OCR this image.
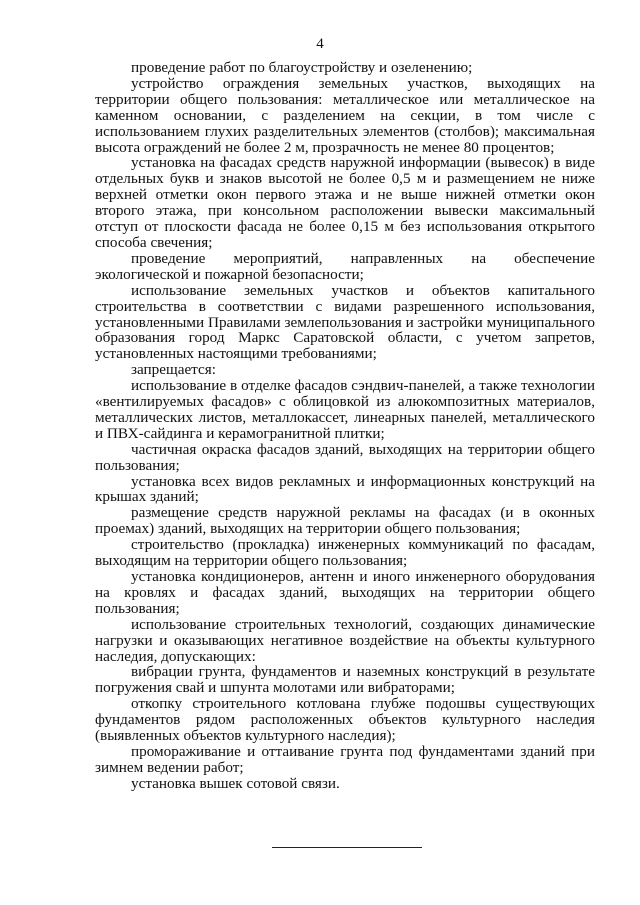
4

проведение работ по благоустройству и озеленению;

устройство ограждения земельных участков, выходящих на территории общего пользования: металлическое или металлическое на каменном основании, с разделением на секции, в том числе с использованием глухих разделительных элементов (столбов); максимальная высота ограждений не более 2 м, прозрачность не менее 80 процентов;

установка на фасадах средств наружной информации (вывесок) в виде отдельных букв и знаков высотой не более 0,5 м и размещением не ниже верхней отметки окон первого этажа и не выше нижней отметки окон второго этажа, при консольном расположении вывески максимальный отступ от плоскости фасада не более 0,15 м без использования открытого способа свечения;

проведение мероприятий, направленных на обеспечение экологической и пожарной безопасности;

использование земельных участков и объектов капитального строительства в соответствии с видами разрешенного использования, установленными Правилами землепользования и застройки муниципального образования город Маркс Саратовской области, с учетом запретов, установленных настоящими требованиями;

запрещается:

использование в отделке фасадов сэндвич-панелей, а также технологии «вентилируемых фасадов» с облицовкой из алюкомпозитных материалов, металлических листов, металлокассет, линеарных панелей, металлического и ПВХ-сайдинга и керамогранитной плитки;

частичная окраска фасадов зданий, выходящих на территории общего пользования;

установка всех видов рекламных и информационных конструкций на крышах зданий;

размещение средств наружной рекламы на фасадах (и в оконных проемах) зданий, выходящих на территории общего пользования;

строительство (прокладка) инженерных коммуникаций по фасадам, выходящим на территории общего пользования;

установка кондиционеров, антенн и иного инженерного оборудования на кровлях и фасадах зданий, выходящих на территории общего пользования;

использование строительных технологий, создающих динамические нагрузки и оказывающих негативное воздействие на объекты культурного наследия, допускающих:

вибрации грунта, фундаментов и наземных конструкций в результате погружения свай и шпунта молотами или вибраторами;

откопку строительного котлована глубже подошвы существующих фундаментов рядом расположенных объектов культурного наследия (выявленных объектов культурного наследия);

промораживание и оттаивание грунта под фундаментами зданий при зимнем ведении работ;

установка вышек сотовой связи.
